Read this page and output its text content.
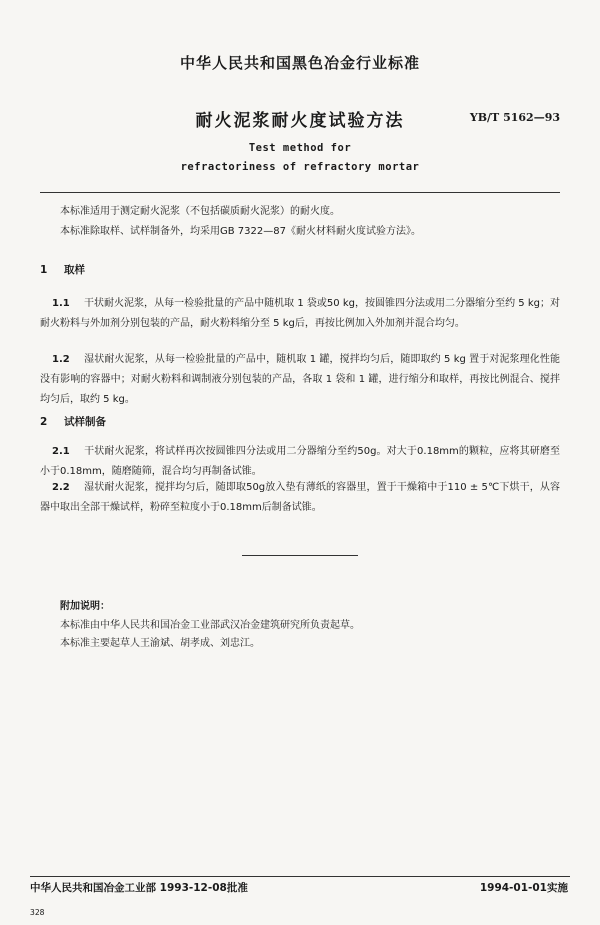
中华人民共和国黑色冶金行业标准
耐火泥浆耐火度试验方法	YB/T 5162—93
Test method for
refractoriness of refractory mortar
本标准适用于测定耐火泥浆（不包括碳质耐火泥浆）的耐火度。
本标准除取样、试样制备外，均采用GB 7322—87《耐火材料耐火度试验方法》。
1 取样
1.1 干状耐火泥浆，从每一检验批量的产品中随机取 1 袋或50 kg，按圆锥四分法或用二分器缩分至约 5 kg；对耐火粉料与外加剂分别包装的产品，耐火粉料缩分至 5 kg后，再按比例加入外加剂并混合均匀。
1.2 湿状耐火泥浆，从每一检验批量的产品中，随机取 1 罐，搅拌均匀后，随即取约 5 kg 置于对泥浆理化性能没有影响的容器中；对耐火粉料和调制液分别包装的产品，各取 1 袋和 1 罐，进行缩分和取样，再按比例混合、搅拌均匀后，取约 5 kg。
2 试样制备
2.1 干状耐火泥浆，将试样再次按圆锥四分法或用二分器缩分至约50g。对大于0.18mm的颗粒，应将其研磨至小于0.18mm，随磨随筛，混合均匀再制备试锥。
2.2 湿状耐火泥浆，搅拌均匀后，随即取50g放入垫有薄纸的容器里，置于干燥箱中于110 ± 5℃下烘干，从容器中取出全部干燥试样，粉碎至粒度小于0.18mm后制备试锥。
附加说明：
本标准由中华人民共和国冶金工业部武汉冶金建筑研究所负责起草。
本标准主要起草人王渝斌、胡孝成、刘忠江。
中华人民共和国冶金工业部 1993-12-08批准	1994-01-01实施
328
